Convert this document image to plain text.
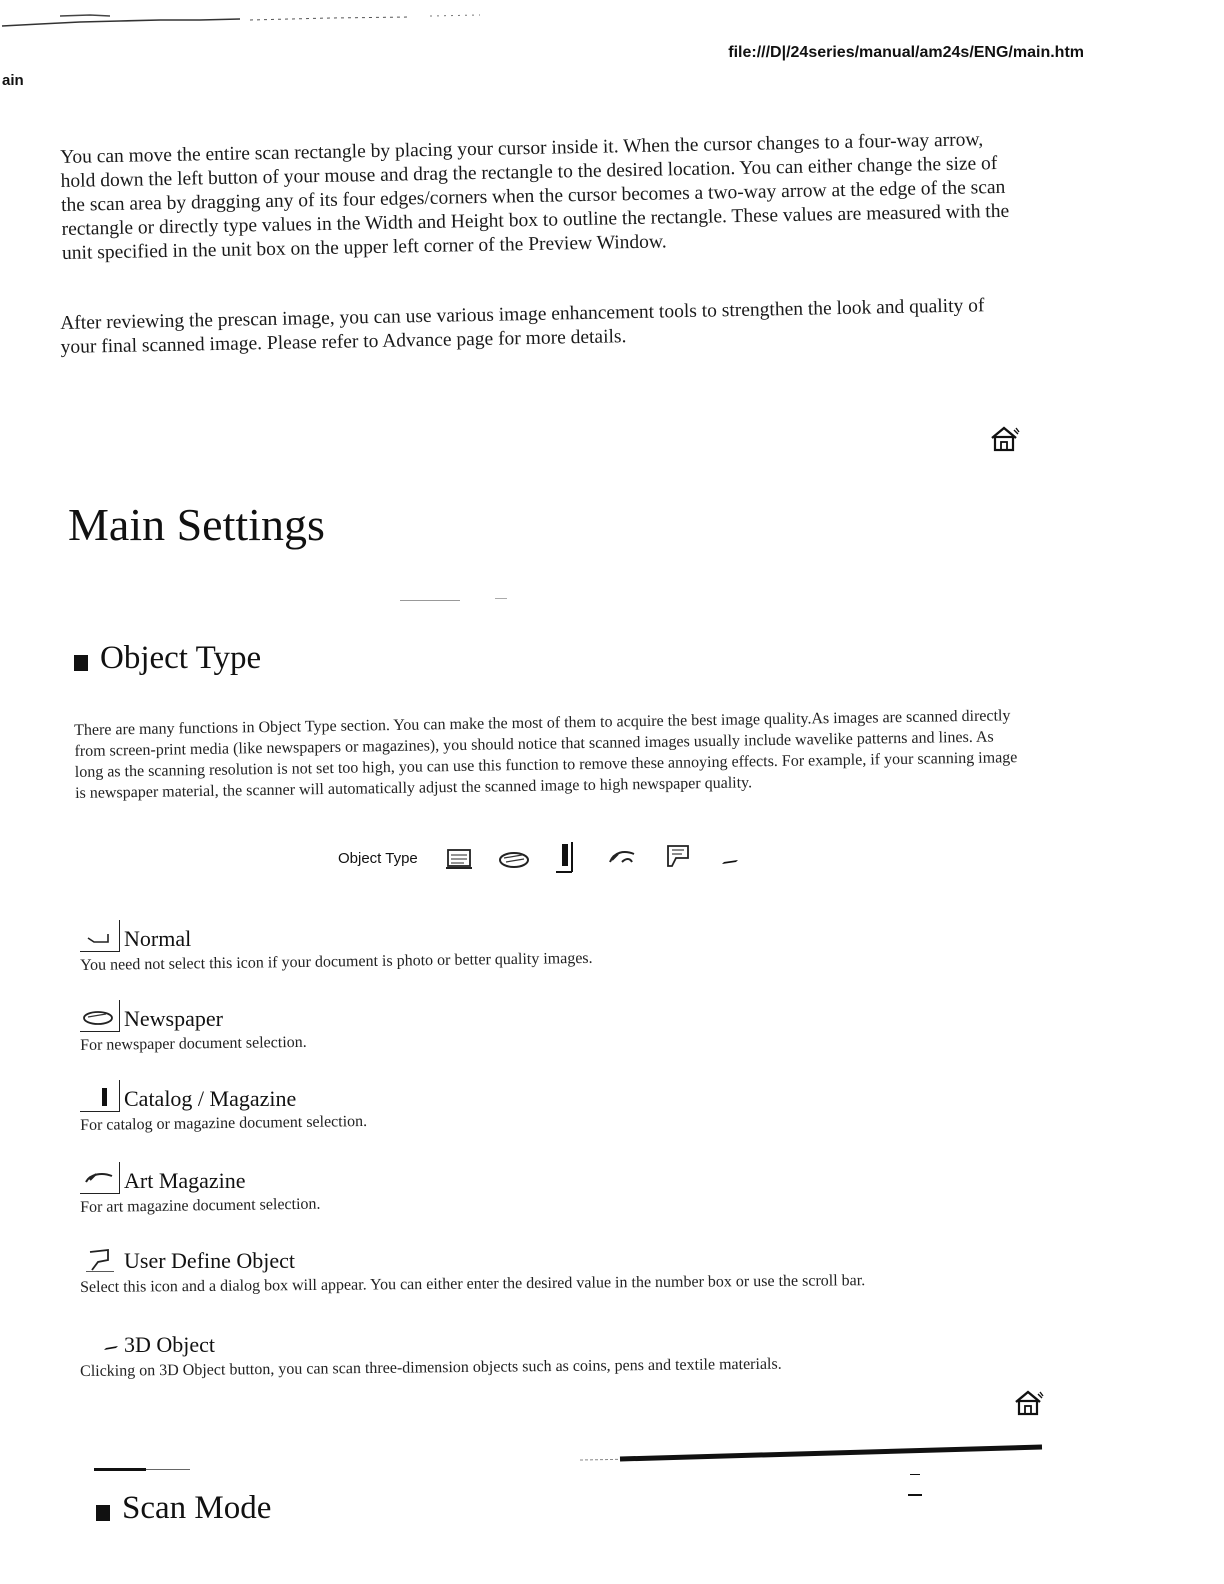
file:///D|/24series/manual/am24s/ENG/main.htm
ain

You can move the entire scan rectangle by placing your cursor inside it. When the cursor changes to a four-way arrow, hold down the left button of your mouse and drag the rectangle to the desired location. You can either change the size of the scan area by dragging any of its four edges/corners when the cursor becomes a two-way arrow at the edge of the scan rectangle or directly type values in the Width and Height box to outline the rectangle. These values are measured with the unit specified in the unit box on the upper left corner of the Preview Window.

After reviewing the prescan image, you can use various image enhancement tools to strengthen the look and quality of your final scanned image. Please refer to Advance page for more details.

Main Settings
Object Type

There are many functions in Object Type section. You can make the most of them to acquire the best image quality.As images are scanned directly from screen-print media (like newspapers or magazines), you should notice that scanned images usually include wavelike patterns and lines. As long as the scanning resolution is not set too high, you can use this function to remove these annoying effects. For example, if your scanning image is newspaper material, the scanner will automatically adjust the scanned image to high newspaper quality.

Object Type
Normal
You need not select this icon if your document is photo or better quality images.
Newspaper
For newspaper document selection.
Catalog / Magazine
For catalog or magazine document selection.
Art Magazine
For art magazine document selection.
User Define Object
Select this icon and a dialog box will appear. You can either enter the desired value in the number box or use the scroll bar.
3D Object
Clicking on 3D Object button, you can scan three-dimension objects such as coins, pens and textile materials.
Scan Mode
